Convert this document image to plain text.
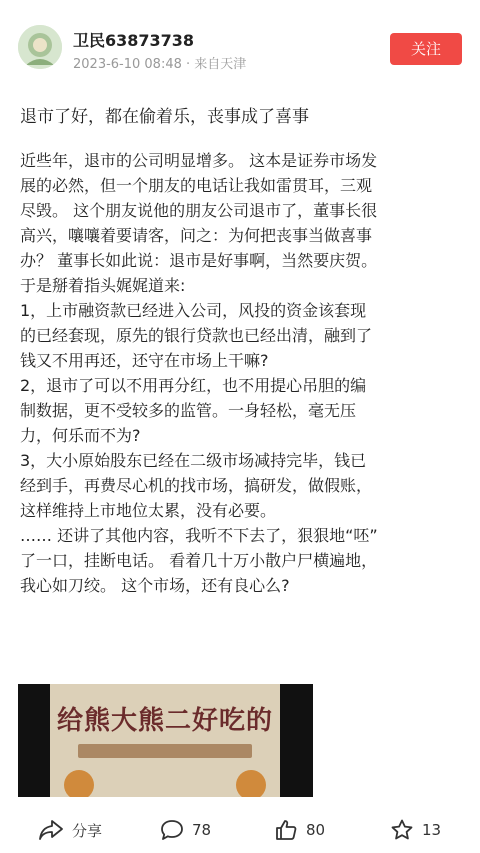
卫民63873738
2023-6-10 08:48 · 来自天津
关注
退市了好，都在偷着乐，丧事成了喜事

近些年，退市的公司明显增多。 这本是证券市场发

展的必然，但一个朋友的电话让我如雷贯耳，三观

尽毁。 这个朋友说他的朋友公司退市了，董事长很

高兴，嚷嚷着要请客，问之：为何把丧事当做喜事

办？ 董事长如此说：退市是好事啊，当然要庆贺。

于是掰着指头娓娓道来:

1，上市融资款已经进入公司，风投的资金该套现

的已经套现，原先的银行贷款也已经出清，融到了

钱又不用再还，还守在市场上干嘛?

2，退市了可以不用再分红，也不用提心吊胆的编

制数据，更不受较多的监管。一身轻松，毫无压

力，何乐而不为?

3，大小原始股东已经在二级市场减持完毕，钱已

经到手，再费尽心机的找市场，搞研发，做假账，

这样维持上市地位太累，没有必要。

…… 还讲了其他内容，我听不下去了，狠狠地“呸”

了一口，挂断电话。 看着几十万小散户尸横遍地，

我心如刀绞。 这个市场，还有良心么?

给熊大熊二好吃的
分享	78	80	13
